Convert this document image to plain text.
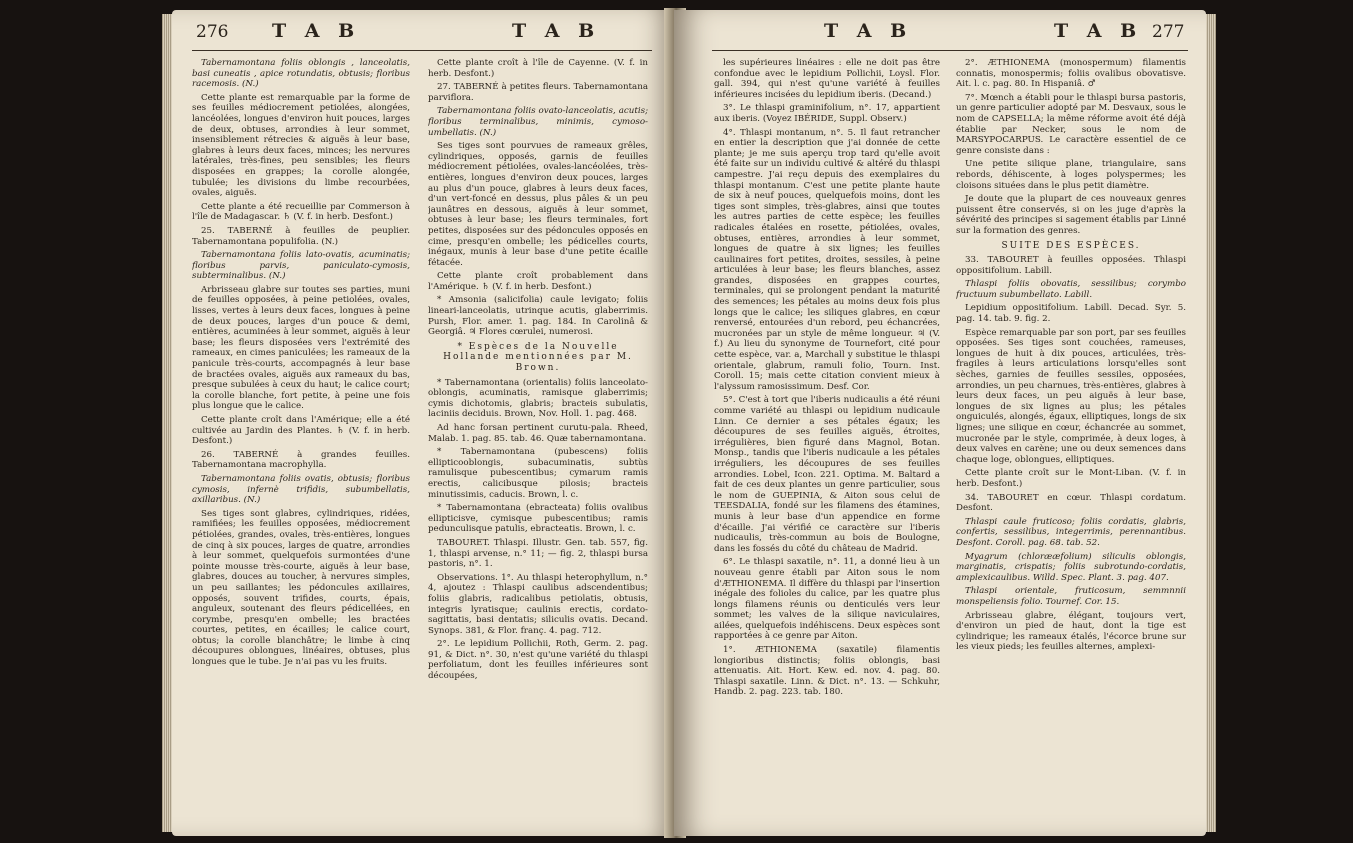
276 T A B	T A B

Tabernamontana foliis oblongis , lanceolatis, basi cuneatis , apice rotundatis, obtusis; floribus racemosis. (N.)

Cette plante est remarquable par la forme de ses feuilles médiocrement petiolées, alongées, lancéolées, longues d'environ huit pouces, larges de deux, obtuses, arrondies à leur sommet, insensiblement rétrecies & aiguës à leur base, glabres à leurs deux faces, minces; les nervures latérales, très-fines, peu sensibles; les fleurs disposées en grappes; la corolle alongée, tubulée; les divisions du limbe recourbées, ovales, aiguës.

Cette plante a été recueillie par Commerson à l'île de Madagascar. ♄ (V. f. in herb. Desfont.)

25. TABERNÉ à feuilles de peuplier. Tabernamontana populifolia. (N.)

Tabernamontana foliis lato-ovatis, acuminatis; floribus parvis, paniculato-cymosis, subterminalibus. (N.)

Arbrisseau glabre sur toutes ses parties, muni de feuilles opposées, à peine petiolées, ovales, lisses, vertes à leurs deux faces, longues à peine de deux pouces, larges d'un pouce & demi, entières, acuminées à leur sommet, aiguës à leur base; les fleurs disposées vers l'extrémité des rameaux, en cimes paniculées; les rameaux de la panicule très-courts, accompagnés à leur base de bractées ovales, aiguës aux rameaux du bas, presque subulées à ceux du haut; le calice court; la corolle blanche, fort petite, à peine une fois plus longue que le calice.

Cette plante croît dans l'Amérique; elle a été cultivée au Jardin des Plantes. ♄ (V. f. in herb. Desfont.)

26. TABERNÉ à grandes feuilles. Tabernamontana macrophylla.

Tabernamontana foliis ovatis, obtusis; floribus cymosis, infernè trifidis, subumbellatis, axillaribus. (N.)

Ses tiges sont glabres, cylindriques, ridées, ramifiées; les feuilles opposées, médiocrement pétiolées, grandes, ovales, très-entières, longues de cinq à six pouces, larges de quatre, arrondies à leur sommet, quelquefois surmontées d'une pointe mousse très-courte, aiguës à leur base, glabres, douces au toucher, à nervures simples, un peu saillantes; les pédoncules axillaires, opposés, souvent trifides, courts, épais, anguleux, soutenant des fleurs pédicellées, en corymbe, presqu'en ombelle; les bractées courtes, petites, en écailles; le calice court, obtus; la corolle blanchâtre; le limbe à cinq découpures oblongues, linéaires, obtuses, plus longues que le tube. Je n'ai pas vu les fruits.

Cette plante croît à l'île de Cayenne. (V. f. in herb. Desfont.)

27. TABERNÉ à petites fleurs. Tabernamontana parviflora.

Tabernamontana foliis ovato-lanceolatis, acutis; floribus terminalibus, minimis, cymoso-umbellatis. (N.)

Ses tiges sont pourvues de rameaux grêles, cylindriques, opposés, garnis de feuilles médiocrement pétiolées, ovales-lancéolées, très-entières, longues d'environ deux pouces, larges au plus d'un pouce, glabres à leurs deux faces, d'un vert-foncé en dessus, plus pâles & un peu jaunâtres en dessous, aiguës à leur sommet, obtuses à leur base; les fleurs terminales, fort petites, disposées sur des pédoncules opposés en cime, presqu'en ombelle; les pédicelles courts, inégaux, munis à leur base d'une petite écaille fétacée.

Cette plante croît probablement dans l'Amérique. ♄ (V. f. in herb. Desfont.)

* Amsonia (salicifolia) caule levigato; foliis lineari-lanceolatis, utrinque acutis, glaberrimis. Pursh, Flor. amer. 1. pag. 184. In Carolinâ & Georgiâ. ♃ Flores cœrulei, numerosi.

* Espèces de la Nouvelle Hollande mentionnées par M. Brown.

* Tabernamontana (orientalis) foliis lanceolato-oblongis, acuminatis, ramisque glaberrimis; cymis dichotomis, glabris; bracteis subulatis, laciniis deciduis. Brown, Nov. Holl. 1. pag. 468.

Ad hanc forsan pertinent curutu-pala. Rheed, Malab. 1. pag. 85. tab. 46. Quæ tabernamontana.

* Tabernamontana (pubescens) foliis ellipticooblongis, subacuminatis, subtùs ramulisque pubescentibus; cymarum ramis erectis, calicibusque pilosis; bracteis minutissimis, caducis. Brown, l. c.

* Tabernamontana (ebracteata) foliis ovalibus ellipticisve, cymisque pubescentibus; ramis pedunculisque patulis, ebracteatis. Brown, l. c.

TABOURET. Thlaspi. Illustr. Gen. tab. 557, fig. 1, thlaspi arvense, n.° 11; — fig. 2, thlaspi bursa pastoris, n°. 1.

Observations. 1°. Au thlaspi heterophyllum, n.° 4, ajoutez : Thlaspi caulibus adscendentibus; foliis glabris, radicalibus petiolatis, obtusis, integris lyratisque; caulinis erectis, cordato-sagittatis, basi dentatis; siliculis ovatis. Decand. Synops. 381, & Flor. franç. 4. pag. 712.

2°. Le lepidium Pollichii, Roth, Germ. 2. pag. 91, & Dict. n°. 30, n'est qu'une variété du thlaspi perfoliatum, dont les feuilles inférieures sont découpées,

T A B	T A B 277

les supérieures linéaires : elle ne doit pas être confondue avec le lepidium Pollichii, Loysl. Flor. gall. 394, qui n'est qu'une variété à feuilles inférieures incisées du lepidium iberis. (Decand.)

3°. Le thlaspi graminifolium, n°. 17, appartient aux iberis. (Voyez IBÉRIDE, Suppl. Observ.)

4°. Thlaspi montanum, n°. 5. Il faut retrancher en entier la description que j'ai donnée de cette plante; je me suis aperçu trop tard qu'elle avoit été faite sur un individu cultivé & altéré du thlaspi campestre. J'ai reçu depuis des exemplaires du thlaspi montanum. C'est une petite plante haute de six à neuf pouces, quelquefois moins, dont les tiges sont simples, très-glabres, ainsi que toutes les autres parties de cette espèce; les feuilles radicales étalées en rosette, pétiolées, ovales, obtuses, entières, arrondies à leur sommet, longues de quatre à six lignes; les feuilles caulinaires fort petites, droites, sessiles, à peine articulées à leur base; les fleurs blanches, assez grandes, disposées en grappes courtes, terminales, qui se prolongent pendant la maturité des semences; les pétales au moins deux fois plus longs que le calice; les siliques glabres, en cœur renversé, entourées d'un rebord, peu échancrées, mucronées par un style de même longueur. ♃ (V. f.) Au lieu du synonyme de Tournefort, cité pour cette espèce, var. a, Marchall y substitue le thlaspi orientale, glabrum, ramuli folio, Tourn. Inst. Coroll. 15; mais cette citation convient mieux à l'alyssum ramosissimum. Desf. Cor.

5°. C'est à tort que l'iberis nudicaulis a été réuni comme variété au thlaspi ou lepidium nudicaule Linn. Ce dernier a ses pétales égaux; les découpures de ses feuilles aiguës, étroites, irrégulières, bien figuré dans Magnol, Botan. Monsp., tandis que l'iberis nudicaule a les pétales irréguliers, les découpures de ses feuilles arrondies. Lobel, Icon. 221. Optima. M. Baltard a fait de ces deux plantes un genre particulier, sous le nom de GUEPINIA, & Aiton sous celui de TEESDALIA, fondé sur les filamens des étamines, munis à leur base d'un appendice en forme d'écaille. J'ai vérifié ce caractère sur l'iberis nudicaulis, très-commun au bois de Boulogne, dans les fossés du côté du château de Madrid.

6°. Le thlaspi saxatile, n°. 11, a donné lieu à un nouveau genre établi par Aiton sous le nom d'ÆTHIONEMA. Il diffère du thlaspi par l'insertion inégale des folioles du calice, par les quatre plus longs filamens réunis ou denticulés vers leur sommet; les valves de la silique naviculaires, ailées, quelquefois indéhiscens. Deux espèces sont rapportées à ce genre par Aiton.

1°. ÆTHIONEMA (saxatile) filamentis longioribus distinctis; foliis oblongis, basi attenuatis. Ait. Hort. Kew. ed. nov. 4. pag. 80. Thlaspi saxatile. Linn. & Dict. n°. 13. — Schkuhr, Handb. 2. pag. 223. tab. 180.

2°. ÆTHIONEMA (monospermum) filamentis connatis, monospermis; foliis ovalibus obovatisve. Ait. l. c. pag. 80. In Hispaniâ. ♂

7°. Mœnch a établi pour le thlaspi bursa pastoris, un genre particulier adopté par M. Desvaux, sous le nom de CAPSELLA; la même réforme avoit été déjà établie par Necker, sous le nom de MARSYPOCARPUS. Le caractère essentiel de ce genre consiste dans :

Une petite silique plane, triangulaire, sans rebords, déhiscente, à loges polyspermes; les cloisons situées dans le plus petit diamètre.

Je doute que la plupart de ces nouveaux genres puissent être conservés, si on les juge d'après la sévérité des principes si sagement établis par Linné sur la formation des genres.

SUITE DES ESPÈCES.

33. TABOURET à feuilles opposées. Thlaspi oppositifolium. Labill.

Thlaspi foliis obovatis, sessilibus; corymbo fructuum subumbellato. Labill.

Lepidium oppositifolium. Labill. Decad. Syr. 5. pag. 14. tab. 9. fig. 2.

Espèce remarquable par son port, par ses feuilles opposées. Ses tiges sont couchées, rameuses, longues de huit à dix pouces, articulées, très-fragiles à leurs articulations lorsqu'elles sont sèches, garnies de feuilles sessiles, opposées, arrondies, un peu charnues, très-entières, glabres à leurs deux faces, un peu aiguës à leur base, longues de six lignes au plus; les pétales onguiculés, alongés, égaux, elliptiques, longs de six lignes; une silique en cœur, échancrée au sommet, mucronée par le style, comprimée, à deux loges, à deux valves en carène; une ou deux semences dans chaque loge, oblongues, elliptiques.

Cette plante croît sur le Mont-Liban. (V. f. in herb. Desfont.)

34. TABOURET en cœur. Thlaspi cordatum. Desfont.

Thlaspi caule fruticoso; foliis cordatis, glabris, confertis, sessilibus, integerrimis, perennantibus. Desfont. Coroll. pag. 68. tab. 52.

Myagrum (chlorææfolium) siliculis oblongis, marginatis, crispatis; foliis subrotundo-cordatis, amplexicaulibus. Willd. Spec. Plant. 3. pag. 407.

Thlaspi orientale, fruticosum, semmnnii monspeliensis folio. Tournef. Cor. 15.

Arbrisseau glabre, élégant, toujours vert, d'environ un pied de haut, dont la tige est cylindrique; les rameaux étalés, l'écorce brune sur les vieux pieds; les feuilles alternes, amplexi-
